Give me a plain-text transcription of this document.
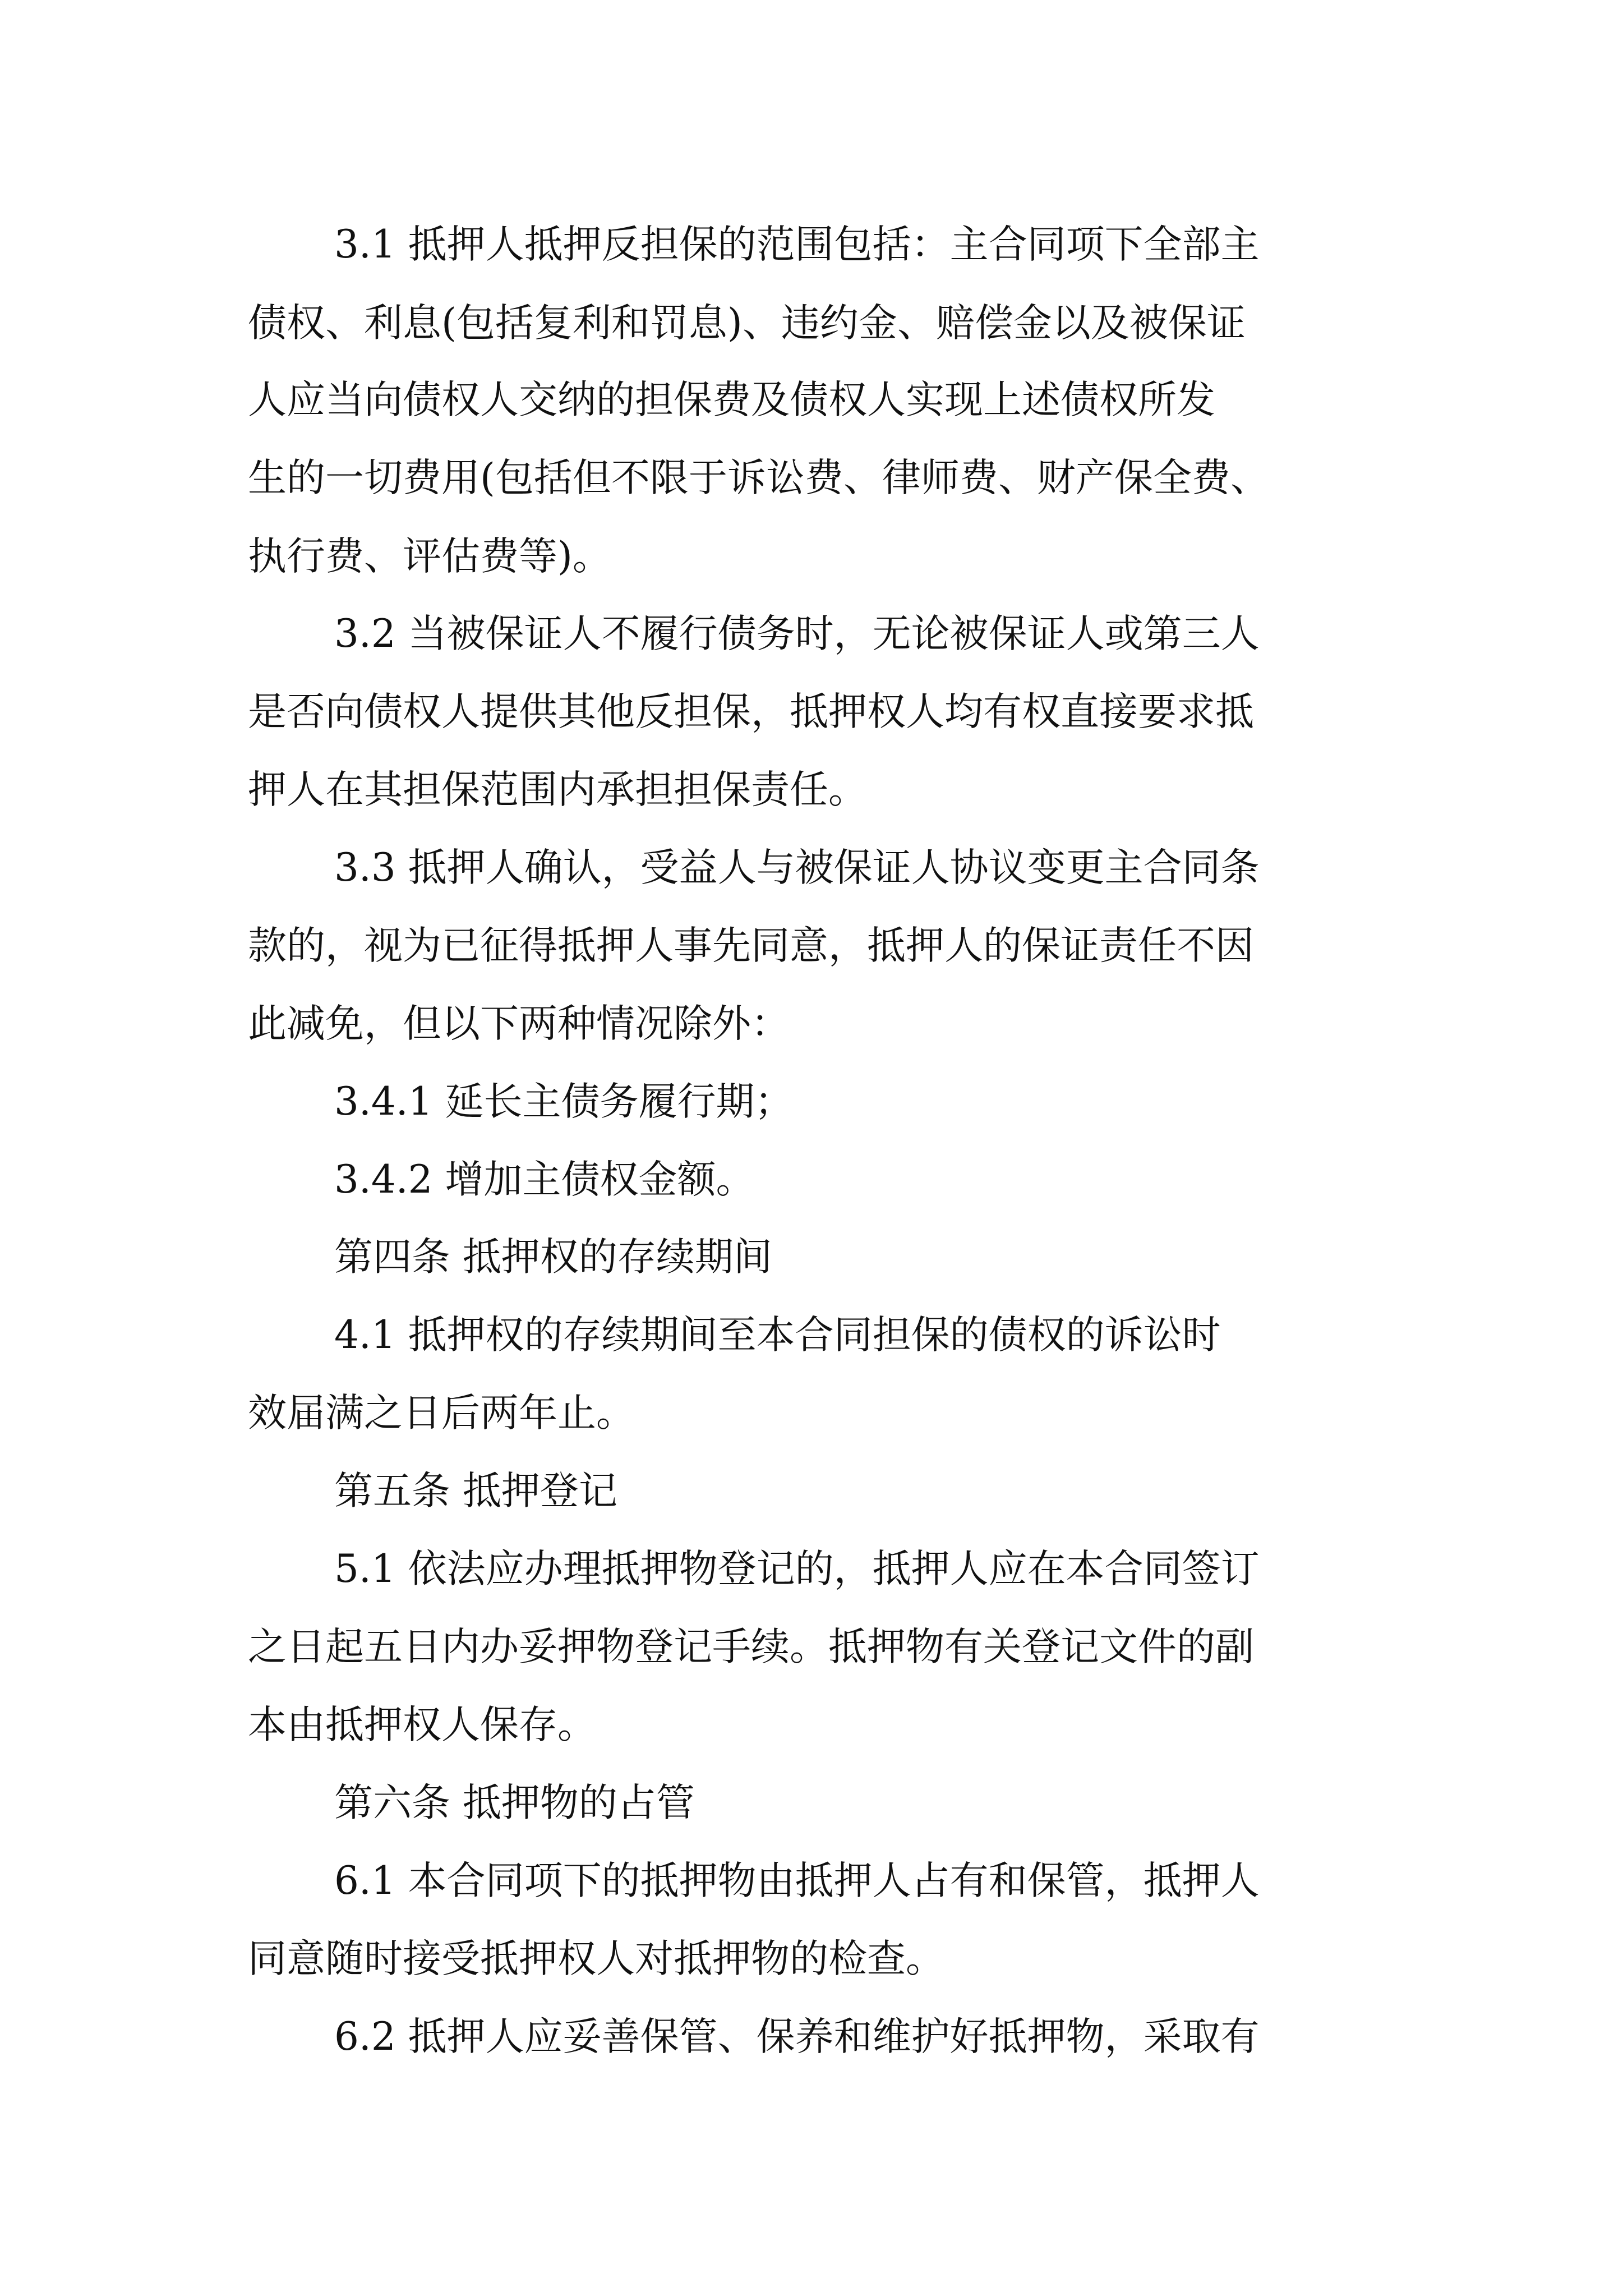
3.1 抵押人抵押反担保的范围包括：主合同项下全部主

债权、利息(包括复利和罚息)、违约金、赔偿金以及被保证

人应当向债权人交纳的担保费及债权人实现上述债权所发

生的一切费用(包括但不限于诉讼费、律师费、财产保全费、

执行费、评估费等)。

3.2 当被保证人不履行债务时，无论被保证人或第三人

是否向债权人提供其他反担保，抵押权人均有权直接要求抵

押人在其担保范围内承担担保责任。

3.3 抵押人确认，受益人与被保证人协议变更主合同条

款的，视为已征得抵押人事先同意，抵押人的保证责任不因

此减免，但以下两种情况除外：

3.4.1 延长主债务履行期；

3.4.2 增加主债权金额。

第四条 抵押权的存续期间

4.1 抵押权的存续期间至本合同担保的债权的诉讼时

效届满之日后两年止。

第五条 抵押登记

5.1 依法应办理抵押物登记的，抵押人应在本合同签订

之日起五日内办妥押物登记手续。抵押物有关登记文件的副

本由抵押权人保存。

第六条 抵押物的占管

6.1 本合同项下的抵押物由抵押人占有和保管，抵押人

同意随时接受抵押权人对抵押物的检查。

6.2 抵押人应妥善保管、保养和维护好抵押物，采取有
